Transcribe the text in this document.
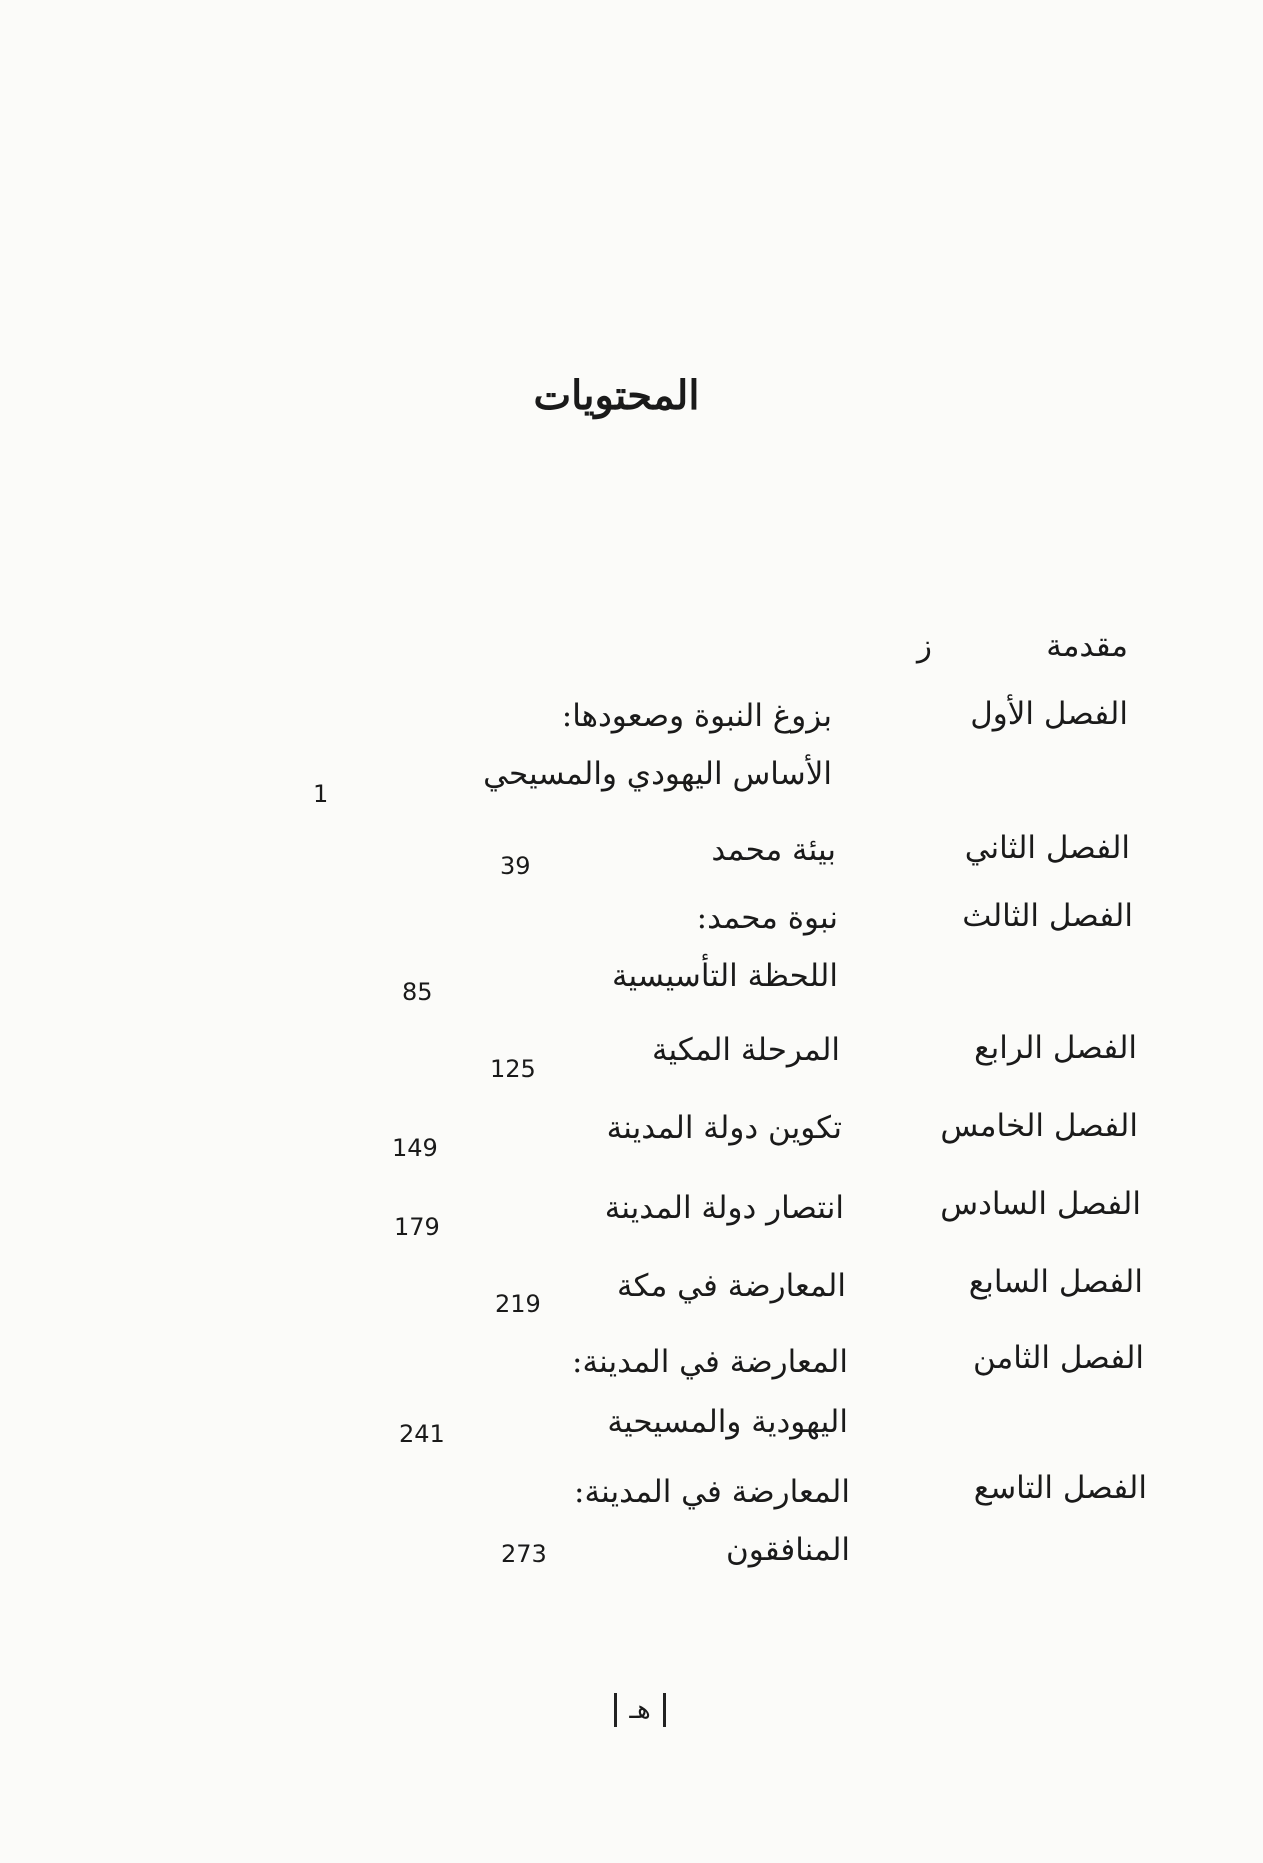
المحتويات
مقدمة
ز
الفصل الأول
بزوغ النبوة وصعودها:
الأساس اليهودي والمسيحي
1
الفصل الثاني
بيئة محمد
39
الفصل الثالث
نبوة محمد:
اللحظة التأسيسية
85
الفصل الرابع
المرحلة المكية
125
الفصل الخامس
تكوين دولة المدينة
149
الفصل السادس
انتصار دولة المدينة
179
الفصل السابع
المعارضة في مكة
219
الفصل الثامن
المعارضة في المدينة:
اليهودية والمسيحية
241
الفصل التاسع
المعارضة في المدينة:
المنافقون
273
هـ
